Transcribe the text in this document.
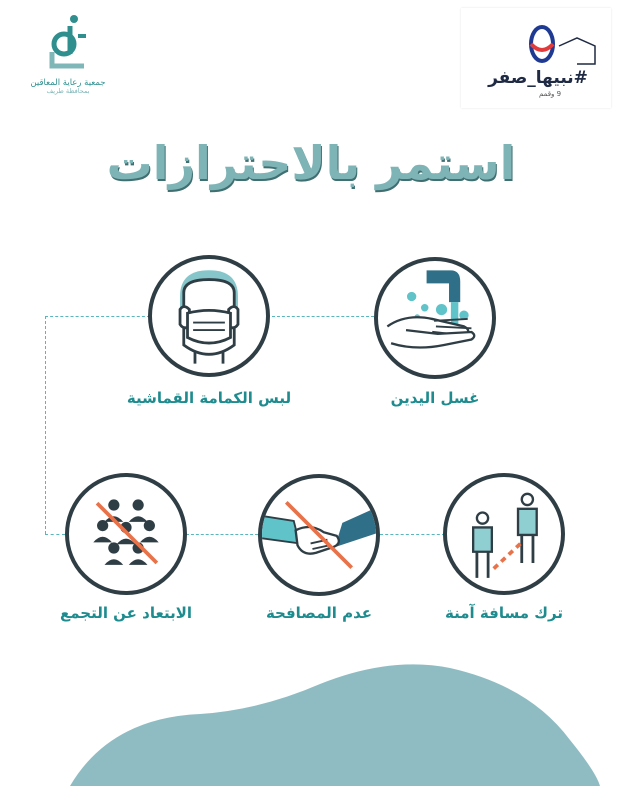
جمعية رعاية المعاقين
بمحافظة طريف
#نبيها_صفر
9 وقمم
استمر بالاحترازات
غسل اليدين
لبس الكمامة القماشية
ترك مسافة آمنة
عدم المصافحة
الابتعاد عن التجمع
